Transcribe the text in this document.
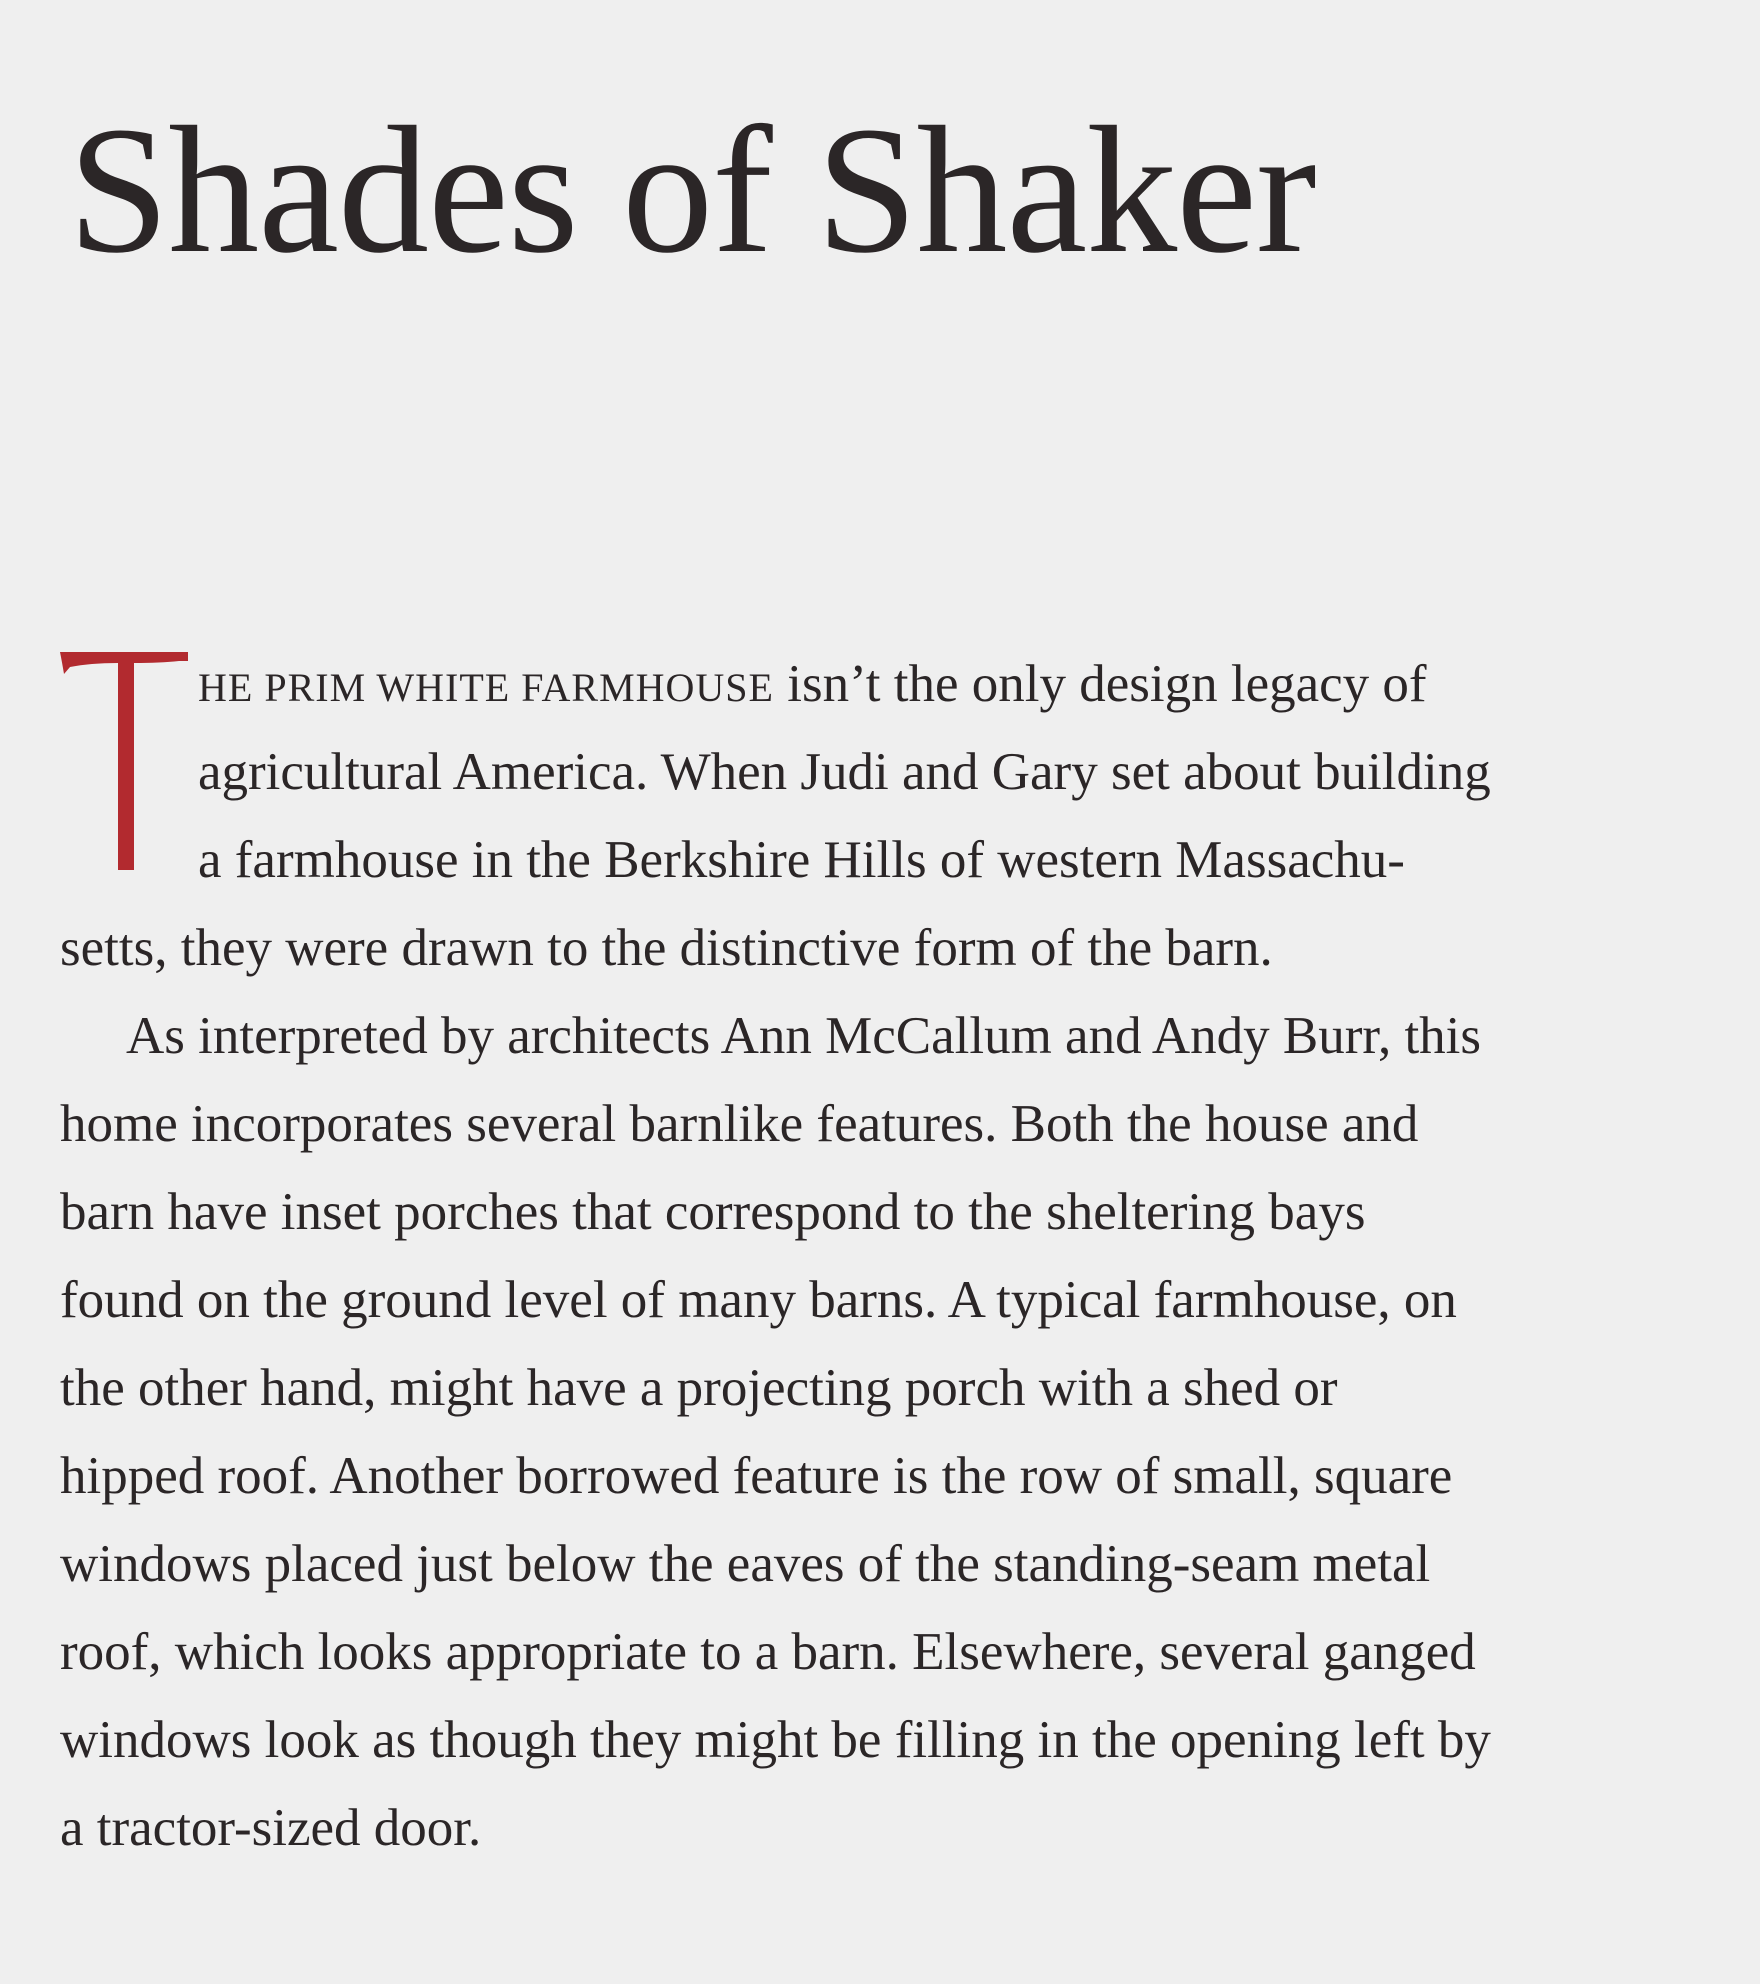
Shades of Shaker
HE PRIM WHITE FARMHOUSE isn’t the only design legacy of
agricultural America. When Judi and Gary set about building
a farmhouse in the Berkshire Hills of western Massachu-
setts, they were drawn to the distinctive form of the barn.
As interpreted by architects Ann McCallum and Andy Burr, this
home incorporates several barnlike features. Both the house and
barn have inset porches that correspond to the sheltering bays
found on the ground level of many barns. A typical farmhouse, on
the other hand, might have a projecting porch with a shed or
hipped roof. Another borrowed feature is the row of small, square
windows placed just below the eaves of the standing-seam metal
roof, which looks appropriate to a barn. Elsewhere, several ganged
windows look as though they might be filling in the opening left by
a tractor-sized door.
